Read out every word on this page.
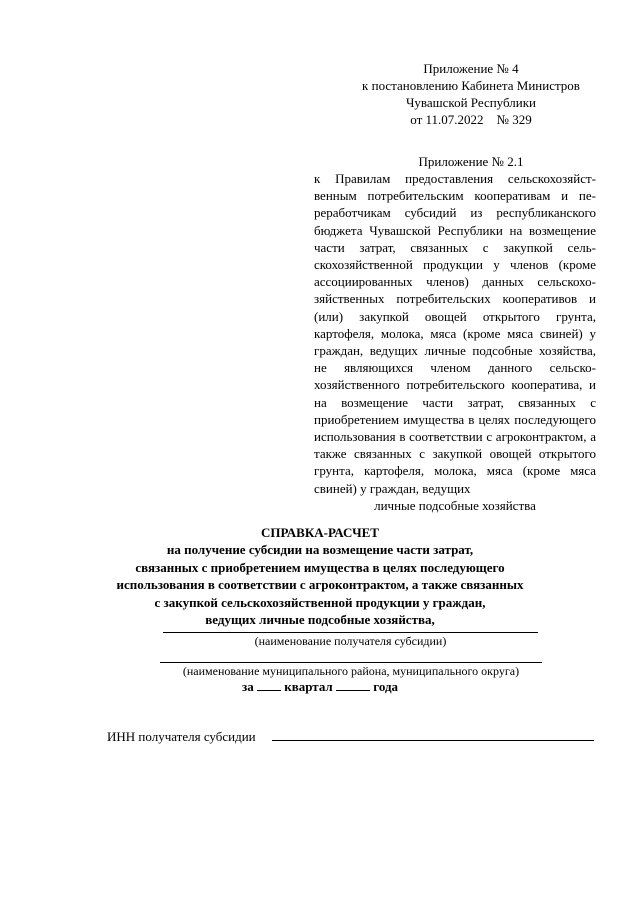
Приложение № 4
к постановлению Кабинета Министров
Чувашской Республики
от 11.07.2022    № 329
Приложение № 2.1
к Правилам предоставления сельскохозяйственным потребительским кооперативам и переработчикам субсидий из республиканского бюджета Чувашской Республики на возмещение части затрат, связанных с закупкой сельскохозяйственной продукции у членов (кроме ассоциированных членов) данных сельскохозяйственных потребительских кооперативов и (или) закупкой овощей открытого грунта, картофеля, молока, мяса (кроме мяса свиней) у граждан, ведущих личные подсобные хозяйства, не являющихся членом данного сельскохозяйственного потребительского кооператива, и на возмещение части затрат, связанных с приобретением имущества в целях последующего использования в соответствии с агроконтрактом, а также связанных с закупкой овощей открытого грунта, картофеля, молока, мяса (кроме мяса свиней) у граждан, ведущих
личные подсобные хозяйства
СПРАВКА-РАСЧЕТ
на получение субсидии на возмещение части затрат,
связанных с приобретением имущества в целях последующего
использования в соответствии с агроконтрактом, а также связанных
с закупкой сельскохозяйственной продукции у граждан,
ведущих личные подсобные хозяйства,
(наименование получателя субсидии)
(наименование муниципального района, муниципального округа)
за квартал	года
ИНН получателя субсидии
